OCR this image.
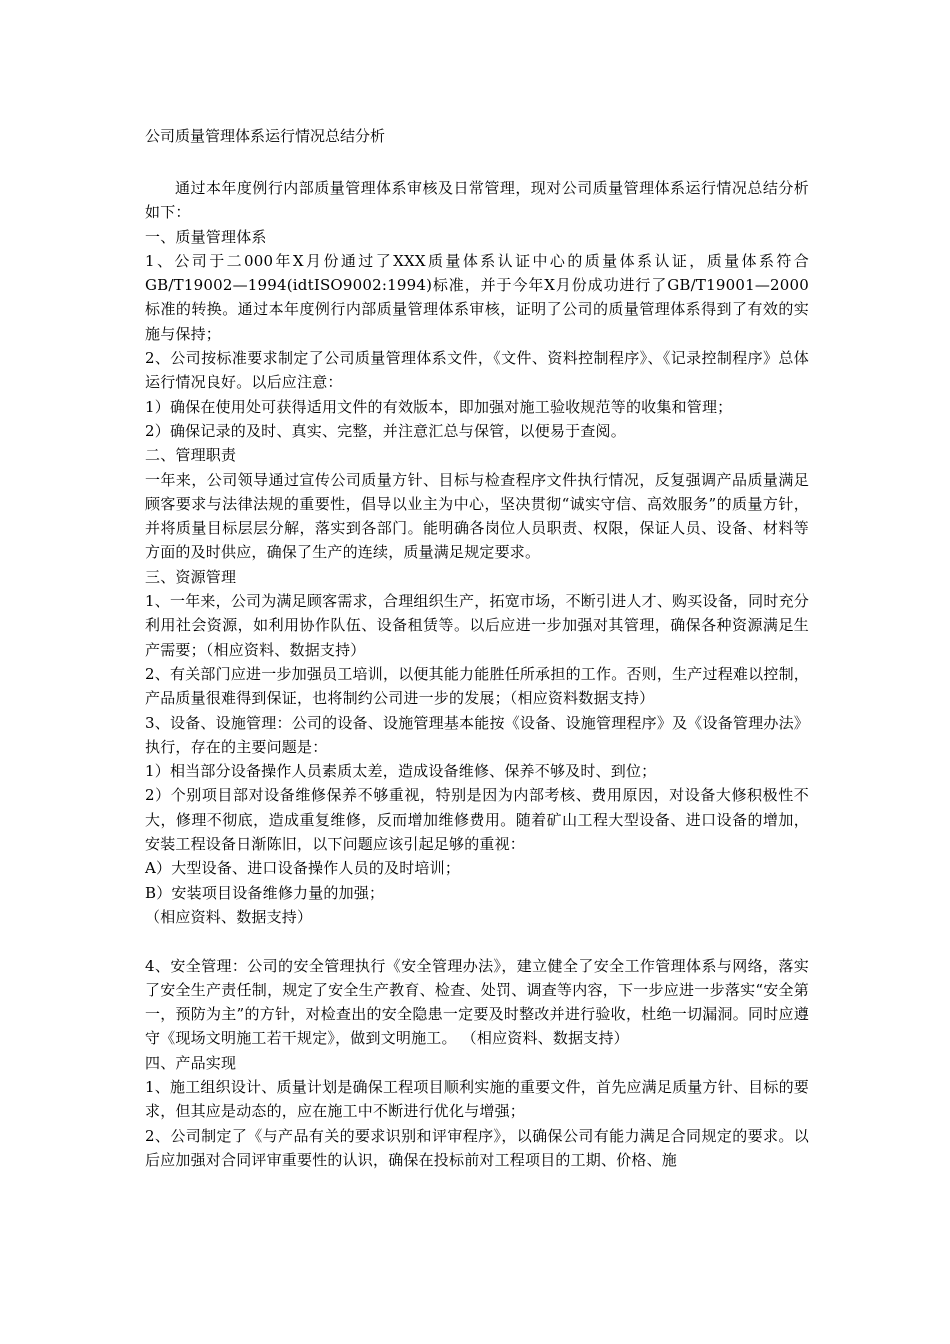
公司质量管理体系运行情况总结分析

通过本年度例行内部质量管理体系审核及日常管理，现对公司质量管理体系运行情况总结分析如下：

一、质量管理体系

1、公司于二000年X月份通过了XXX质量体系认证中心的质量体系认证，质量体系符合GB/T19002—1994(idtISO9002:1994)标准，并于今年X月份成功进行了GB/T19001—2000标准的转换。通过本年度例行内部质量管理体系审核，证明了公司的质量管理体系得到了有效的实施与保持；

2、公司按标准要求制定了公司质量管理体系文件，《文件、资料控制程序》、《记录控制程序》总体运行情况良好。以后应注意：

1）确保在使用处可获得适用文件的有效版本，即加强对施工验收规范等的收集和管理；

2）确保记录的及时、真实、完整，并注意汇总与保管，以便易于查阅。

二、管理职责

一年来，公司领导通过宣传公司质量方针、目标与检查程序文件执行情况，反复强调产品质量满足顾客要求与法律法规的重要性，倡导以业主为中心，坚决贯彻“诚实守信、高效服务”的质量方针，并将质量目标层层分解，落实到各部门。能明确各岗位人员职责、权限，保证人员、设备、材料等方面的及时供应，确保了生产的连续，质量满足规定要求。

三、资源管理

1、一年来，公司为满足顾客需求，合理组织生产，拓宽市场，不断引进人才、购买设备，同时充分利用社会资源，如利用协作队伍、设备租赁等。以后应进一步加强对其管理，确保各种资源满足生产需要；（相应资料、数据支持）

2、有关部门应进一步加强员工培训，以便其能力能胜任所承担的工作。否则，生产过程难以控制，产品质量很难得到保证，也将制约公司进一步的发展；（相应资料数据支持）

3、设备、设施管理：公司的设备、设施管理基本能按《设备、设施管理程序》及《设备管理办法》执行，存在的主要问题是：

1）相当部分设备操作人员素质太差，造成设备维修、保养不够及时、到位；

2）个别项目部对设备维修保养不够重视，特别是因为内部考核、费用原因，对设备大修积极性不大，修理不彻底，造成重复维修，反而增加维修费用。随着矿山工程大型设备、进口设备的增加，安装工程设备日渐陈旧，以下问题应该引起足够的重视：

A）大型设备、进口设备操作人员的及时培训；

B）安装项目设备维修力量的加强；

（相应资料、数据支持）

4、安全管理：公司的安全管理执行《安全管理办法》，建立健全了安全工作管理体系与网络，落实了安全生产责任制，规定了安全生产教育、检查、处罚、调查等内容，下一步应进一步落实“安全第一，预防为主”的方针，对检查出的安全隐患一定要及时整改并进行验收，杜绝一切漏洞。同时应遵守《现场文明施工若干规定》，做到文明施工。 （相应资料、数据支持）

四、产品实现

1、施工组织设计、质量计划是确保工程项目顺利实施的重要文件，首先应满足质量方针、目标的要求，但其应是动态的，应在施工中不断进行优化与增强；

2、公司制定了《与产品有关的要求识别和评审程序》，以确保公司有能力满足合同规定的要求。以后应加强对合同评审重要性的认识，确保在投标前对工程项目的工期、价格、施
